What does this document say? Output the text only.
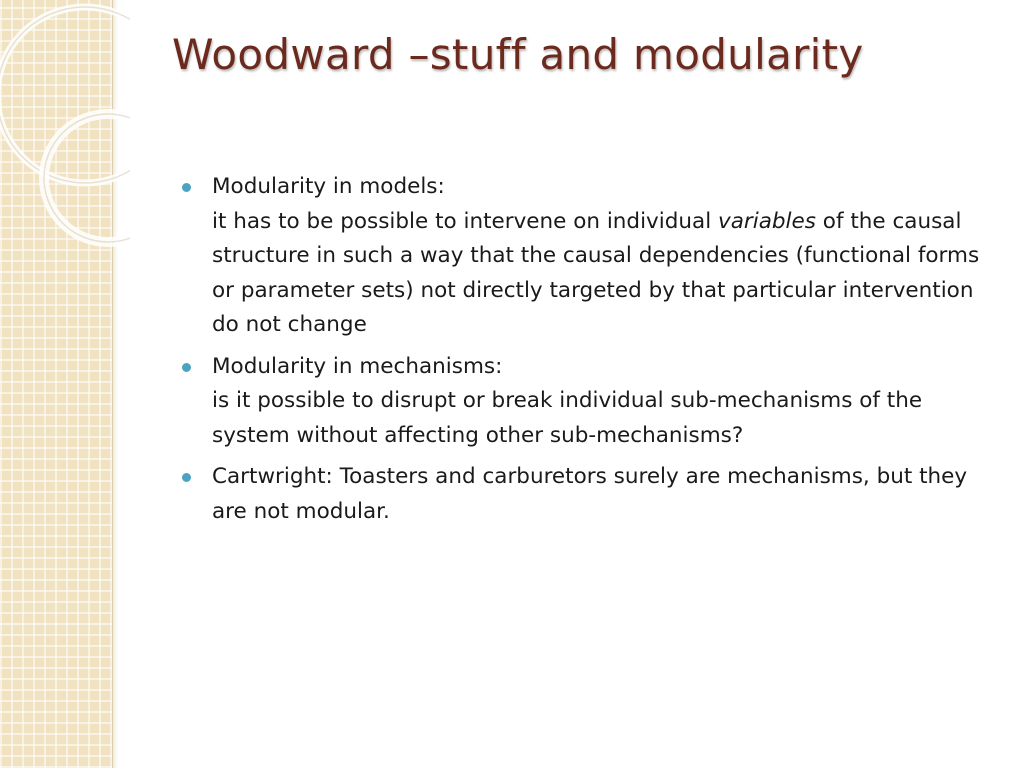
Woodward –stuff and modularity
Modularity in models:
it has to be possible to intervene on individual variables of the causal structure in such a way that the causal dependencies (functional forms or parameter sets) not directly targeted by that particular intervention do not change
Modularity in mechanisms:
is it possible to disrupt or break individual sub-mechanisms of the system without affecting other sub-mechanisms?
Cartwright: Toasters and carburetors surely are mechanisms, but they are not modular.
